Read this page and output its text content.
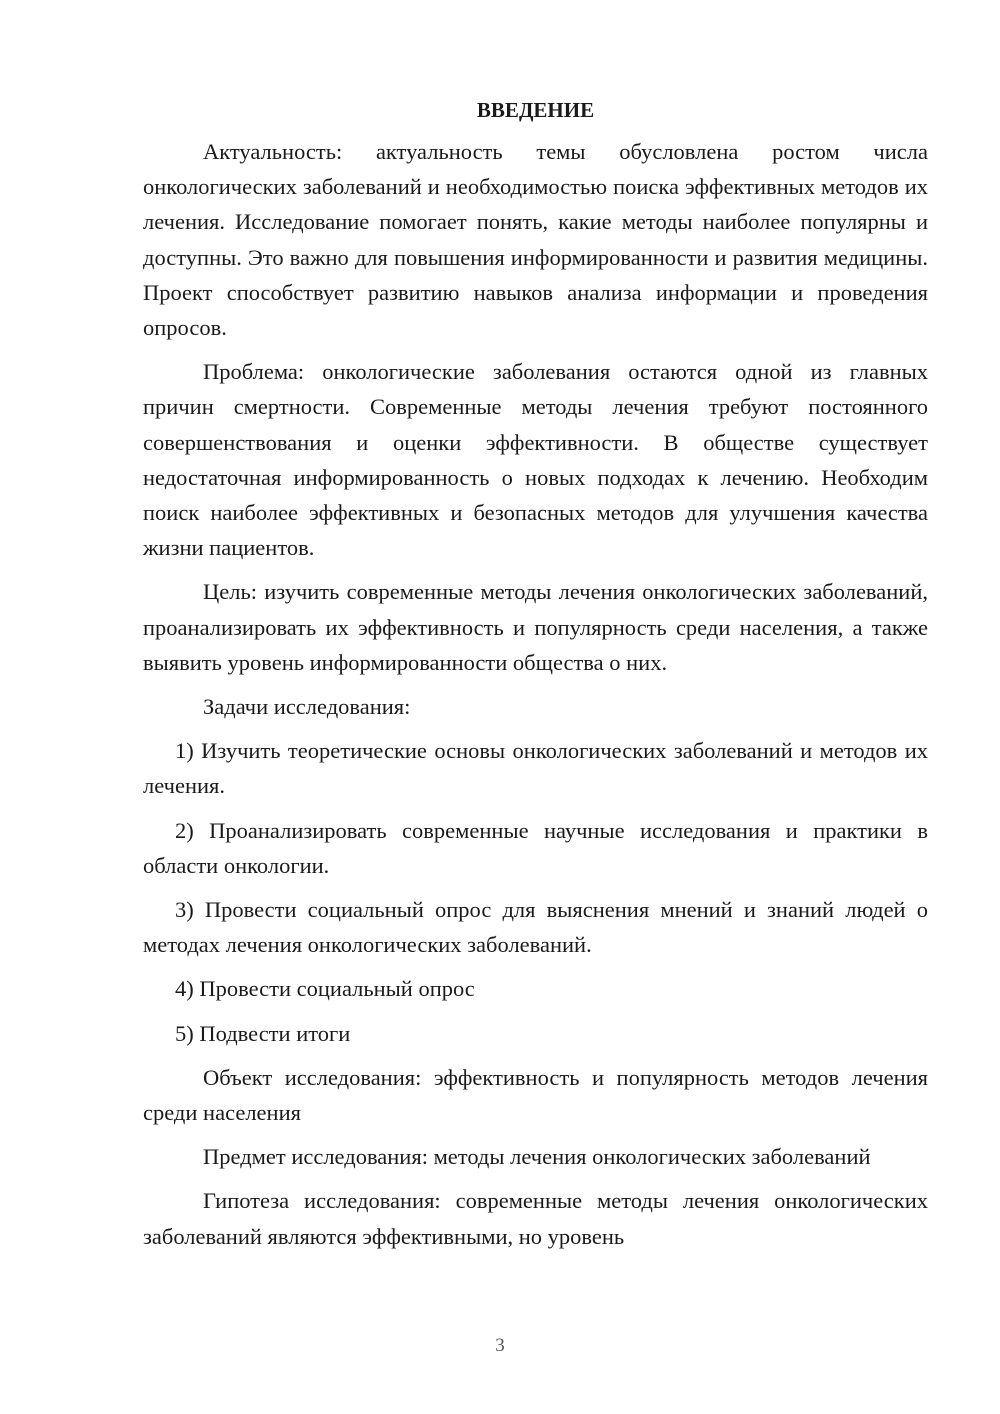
ВВЕДЕНИЕ

Актуальность: актуальность темы обусловлена ростом числа онкологических заболеваний и необходимостью поиска эффективных методов их лечения. Исследование помогает понять, какие методы наиболее популярны и доступны. Это важно для повышения информированности и развития медицины. Проект способствует развитию навыков анализа информации и проведения опросов.

Проблема: онкологические заболевания остаются одной из главных причин смертности. Современные методы лечения требуют постоянного совершенствования и оценки эффективности. В обществе существует недостаточная информированность о новых подходах к лечению. Необходим поиск наиболее эффективных и безопасных методов для улучшения качества жизни пациентов.

Цель: изучить современные методы лечения онкологических заболеваний, проанализировать их эффективность и популярность среди населения, а также выявить уровень информированности общества о них.

Задачи исследования:

1) Изучить теоретические основы онкологических заболеваний и методов их лечения.

2) Проанализировать современные научные исследования и практики в области онкологии.

3) Провести социальный опрос для выяснения мнений и знаний людей о методах лечения онкологических заболеваний.

4) Провести социальный опрос

5) Подвести итоги

Объект исследования: эффективность и популярность методов лечения среди населения

Предмет исследования: методы лечения онкологических заболеваний

Гипотеза исследования: современные методы лечения онкологических заболеваний являются эффективными, но уровень

3
